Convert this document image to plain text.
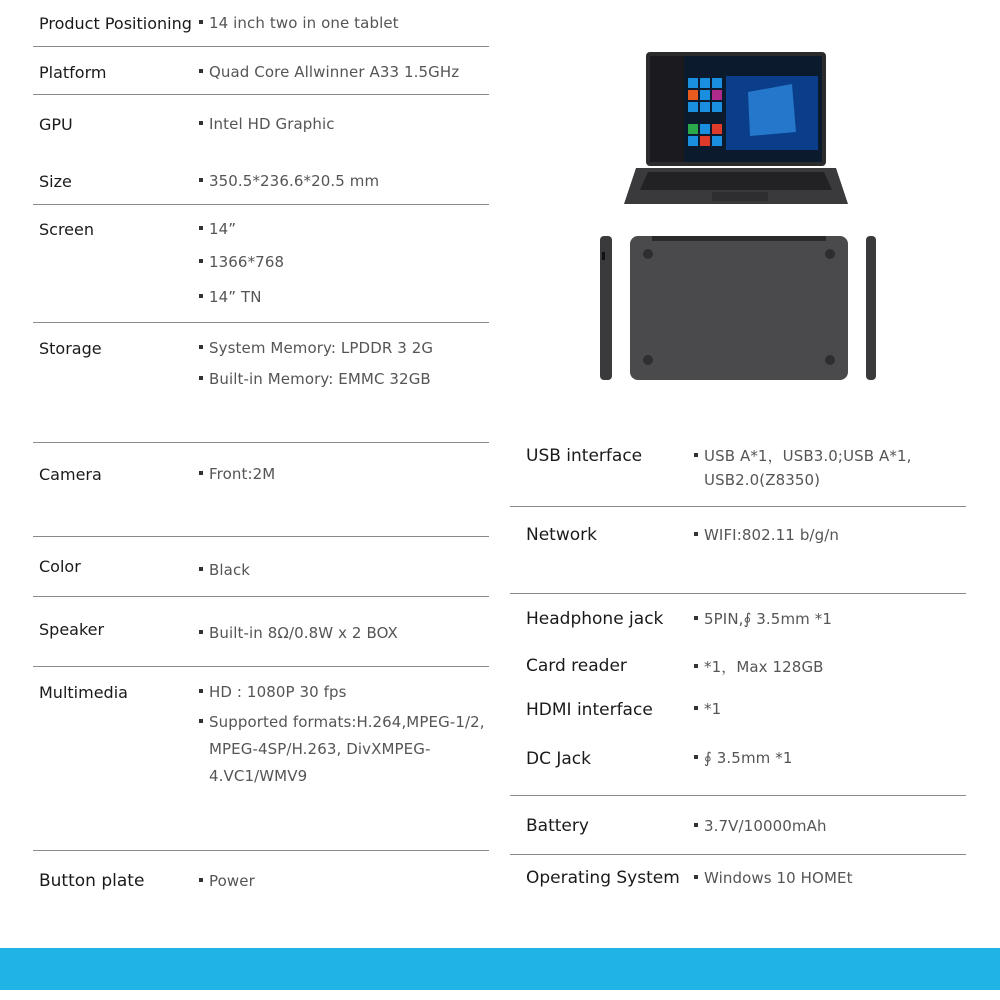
Product Positioning	14 inch two in one tablet
Platform	Quad Core Allwinner A33 1.5GHz
GPU	Intel HD Graphic
Size	350.5*236.6*20.5 mm
Screen	14”
1366*768
14” TN
Storage	System Memory: LPDDR 3 2G
Built-in Memory: EMMC 32GB
Camera	Front:2M
Color	Black
Speaker	Built-in 8Ω/0.8W x 2 BOX
Multimedia	HD : 1080P 30 fps
Supported formats:H.264,MPEG-1/2, MPEG-4SP/H.263, DivXMPEG-4.VC1/WMV9
Button plate	Power
USB interface	USB A*1，USB3.0;USB A*1, USB2.0(Z8350)
Network	WIFI:802.11 b/g/n
Headphone jack	5PIN,∮ 3.5mm *1
Card reader	*1，Max 128GB
HDMI interface	*1
DC Jack	∮ 3.5mm *1
Battery	3.7V/10000mAh
Operating System	Windows 10 HOMEt
